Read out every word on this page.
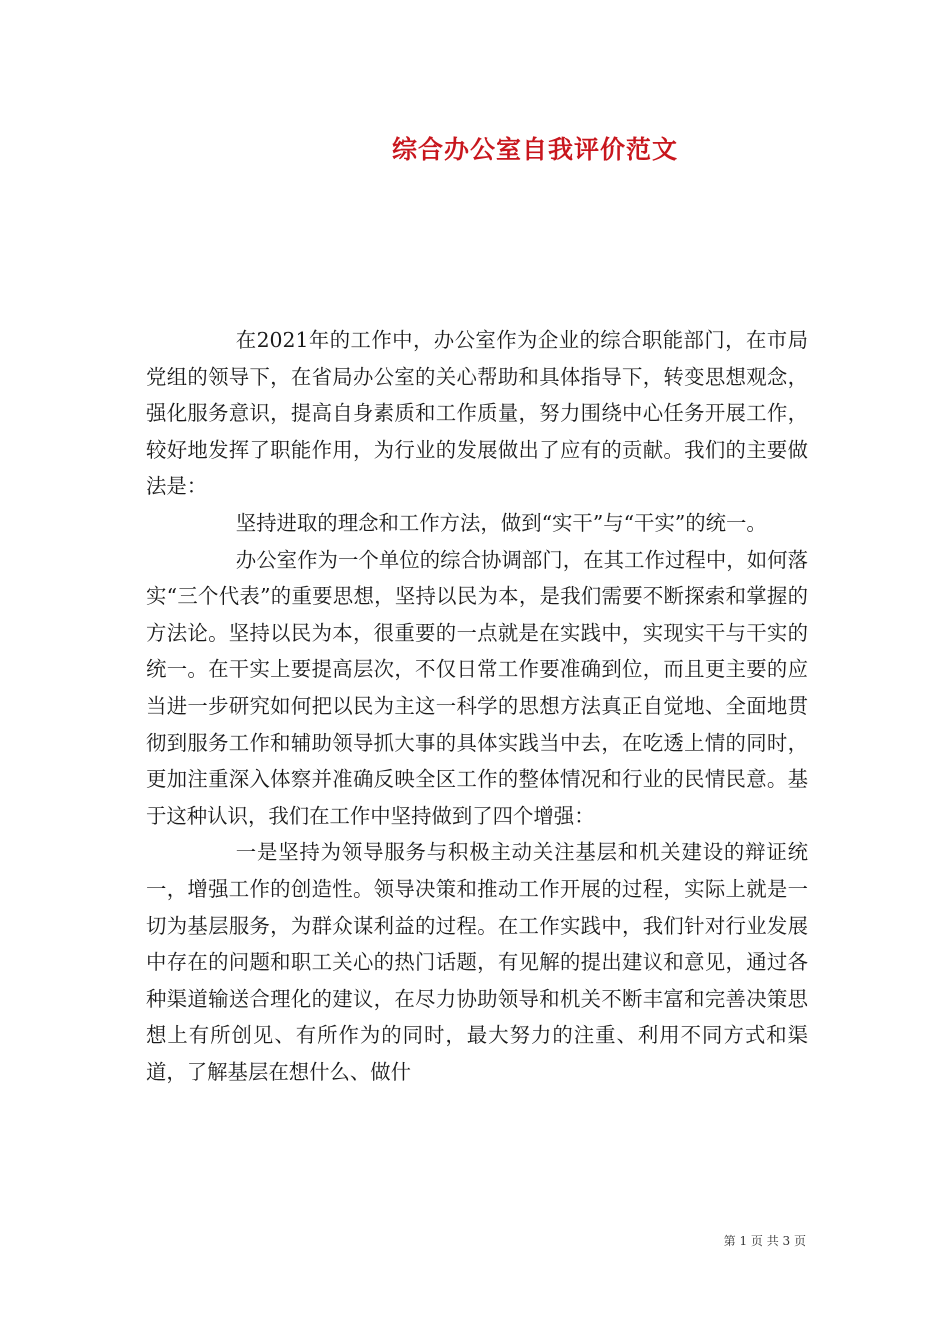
综合办公室自我评价范文

在2021年的工作中，办公室作为企业的综合职能部门，在市局党组的领导下，在省局办公室的关心帮助和具体指导下，转变思想观念，强化服务意识，提高自身素质和工作质量，努力围绕中心任务开展工作，较好地发挥了职能作用，为行业的发展做出了应有的贡献。我们的主要做法是：

坚持进取的理念和工作方法，做到“实干”与“干实”的统一。

办公室作为一个单位的综合协调部门，在其工作过程中，如何落实“三个代表”的重要思想，坚持以民为本，是我们需要不断探索和掌握的方法论。坚持以民为本，很重要的一点就是在实践中，实现实干与干实的统一。在干实上要提高层次，不仅日常工作要准确到位，而且更主要的应当进一步研究如何把以民为主这一科学的思想方法真正自觉地、全面地贯彻到服务工作和辅助领导抓大事的具体实践当中去，在吃透上情的同时，更加注重深入体察并准确反映全区工作的整体情况和行业的民情民意。基于这种认识，我们在工作中坚持做到了四个增强：

一是坚持为领导服务与积极主动关注基层和机关建设的辩证统一，增强工作的创造性。领导决策和推动工作开展的过程，实际上就是一切为基层服务，为群众谋利益的过程。在工作实践中，我们针对行业发展中存在的问题和职工关心的热门话题，有见解的提出建议和意见，通过各种渠道输送合理化的建议，在尽力协助领导和机关不断丰富和完善决策思想上有所创见、有所作为的同时，最大努力的注重、利用不同方式和渠道，了解基层在想什么、做什

第 1 页 共 3 页
